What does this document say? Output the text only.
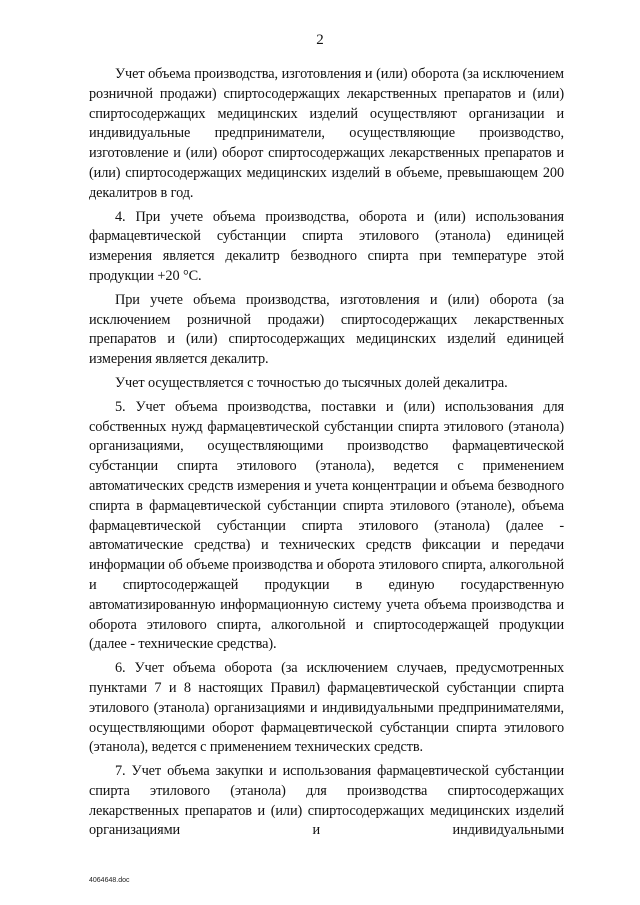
2

Учет объема производства, изготовления и (или) оборота (за исключением розничной продажи) спиртосодержащих лекарственных препаратов и (или) спиртосодержащих медицинских изделий осуществляют организации и индивидуальные предприниматели, осуществляющие производство, изготовление и (или) оборот спиртосодержащих лекарственных препаратов и (или) спиртосодержащих медицинских изделий в объеме, превышающем 200 декалитров в год.

4. При учете объема производства, оборота и (или) использования фармацевтической субстанции спирта этилового (этанола) единицей измерения является декалитр безводного спирта при температуре этой продукции +20 °С.

При учете объема производства, изготовления и (или) оборота (за исключением розничной продажи) спиртосодержащих лекарственных препаратов и (или) спиртосодержащих медицинских изделий единицей измерения является декалитр.

Учет осуществляется с точностью до тысячных долей декалитра.

5. Учет объема производства, поставки и (или) использования для собственных нужд фармацевтической субстанции спирта этилового (этанола) организациями, осуществляющими производство фармацевтической субстанции спирта этилового (этанола), ведется с применением автоматических средств измерения и учета концентрации и объема безводного спирта в фармацевтической субстанции спирта этилового (этаноле), объема фармацевтической субстанции спирта этилового (этанола) (далее - автоматические средства) и технических средств фиксации и передачи информации об объеме производства и оборота этилового спирта, алкогольной и спиртосодержащей продукции в единую государственную автоматизированную информационную систему учета объема производства и оборота этилового спирта, алкогольной и спиртосодержащей продукции (далее - технические средства).

6. Учет объема оборота (за исключением случаев, предусмотренных пунктами 7 и 8 настоящих Правил) фармацевтической субстанции спирта этилового (этанола) организациями и индивидуальными предпринимателями, осуществляющими оборот фармацевтической субстанции спирта этилового (этанола), ведется с применением технических средств.

7. Учет объема закупки и использования фармацевтической субстанции спирта этилового (этанола) для производства спиртосодержащих лекарственных препаратов и (или) спиртосодержащих медицинских изделий организациями и индивидуальными

4064648.doc
